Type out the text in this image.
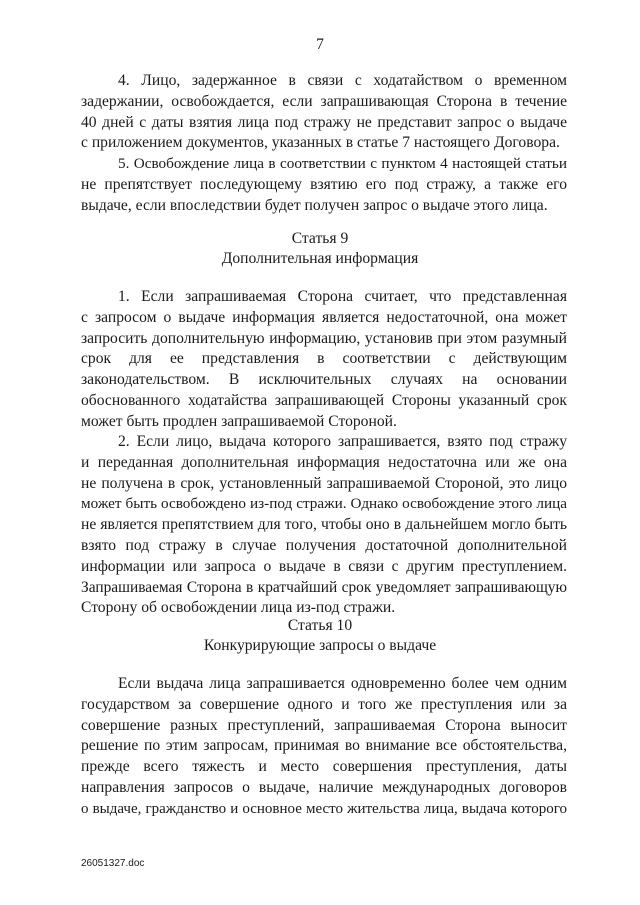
7
4. Лицо, задержанное в связи с ходатайством о временном
задержании, освобождается, если запрашивающая Сторона в течение
40 дней с даты взятия лица под стражу не представит запрос о выдаче
с приложением документов, указанных в статье 7 настоящего Договора.
5. Освобождение лица в соответствии с пунктом 4 настоящей статьи
не препятствует последующему взятию его под стражу, а также его
выдаче, если впоследствии будет получен запрос о выдаче этого лица.
Статья 9
Дополнительная информация
1. Если запрашиваемая Сторона считает, что представленная
с запросом о выдаче информация является недостаточной, она может
запросить дополнительную информацию, установив при этом разумный
срок для ее представления в соответствии с действующим
законодательством. В исключительных случаях на основании
обоснованного ходатайства запрашивающей Стороны указанный срок
может быть продлен запрашиваемой Стороной.
2. Если лицо, выдача которого запрашивается, взято под стражу
и переданная дополнительная информация недостаточна или же она
не получена в срок, установленный запрашиваемой Стороной, это лицо
может быть освобождено из-под стражи. Однако освобождение этого лица
не является препятствием для того, чтобы оно в дальнейшем могло быть
взято под стражу в случае получения достаточной дополнительной
информации или запроса о выдаче в связи с другим преступлением.
Запрашиваемая Сторона в кратчайший срок уведомляет запрашивающую
Сторону об освобождении лица из-под стражи.
Статья 10
Конкурирующие запросы о выдаче
Если выдача лица запрашивается одновременно более чем одним
государством за совершение одного и того же преступления или за
совершение разных преступлений, запрашиваемая Сторона выносит
решение по этим запросам, принимая во внимание все обстоятельства,
прежде всего тяжесть и место совершения преступления, даты
направления запросов о выдаче, наличие международных договоров
о выдаче, гражданство и основное место жительства лица, выдача которого
26051327.doc
